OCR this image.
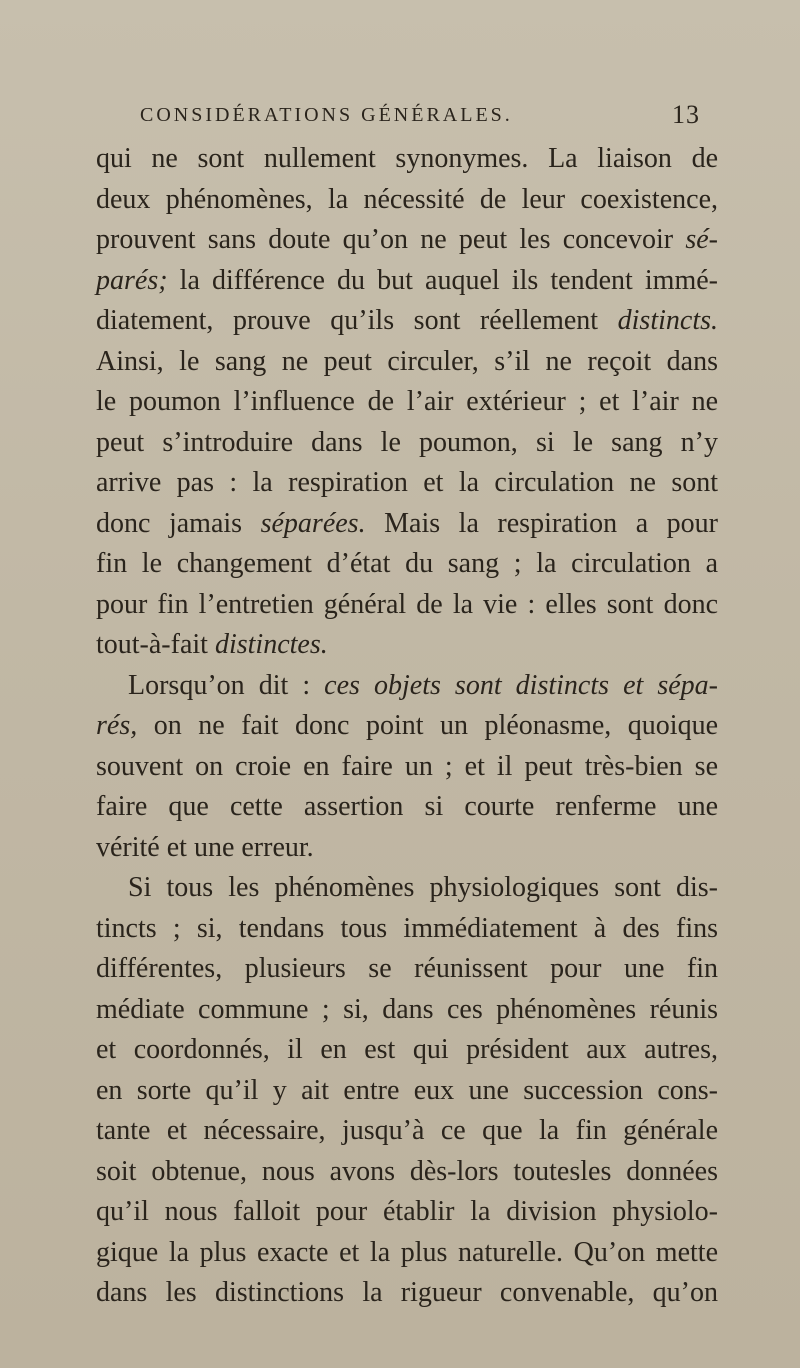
CONSIDÉRATIONS GÉNÉRALES.	13
qui ne sont nullement synonymes. La liaison de
deux phénomènes, la nécessité de leur coexistence,
prouvent sans doute qu’on ne peut les concevoir sé-
parés; la différence du but auquel ils tendent immé-
diatement, prouve qu’ils sont réellement distincts.
Ainsi, le sang ne peut circuler, s’il ne reçoit dans
le poumon l’influence de l’air extérieur ; et l’air ne
peut s’introduire dans le poumon, si le sang n’y
arrive pas : la respiration et la circulation ne sont
donc jamais séparées. Mais la respiration a pour
fin le changement d’état du sang ; la circulation a
pour fin l’entretien général de la vie : elles sont donc
tout-à-fait distinctes.
Lorsqu’on dit : ces objets sont distincts et sépa-
rés, on ne fait donc point un pléonasme, quoique
souvent on croie en faire un ; et il peut très-bien se
faire que cette assertion si courte renferme une
vérité et une erreur.
Si tous les phénomènes physiologiques sont dis-
tincts ; si, tendans tous immédiatement à des fins
différentes, plusieurs se réunissent pour une fin
médiate commune ; si, dans ces phénomènes réunis
et coordonnés, il en est qui président aux autres,
en sorte qu’il y ait entre eux une succession cons-
tante et nécessaire, jusqu’à ce que la fin générale
soit obtenue, nous avons dès-lors toutesles données
qu’il nous falloit pour établir la division physiolo-
gique la plus exacte et la plus naturelle. Qu’on mette
dans les distinctions la rigueur convenable, qu’on
